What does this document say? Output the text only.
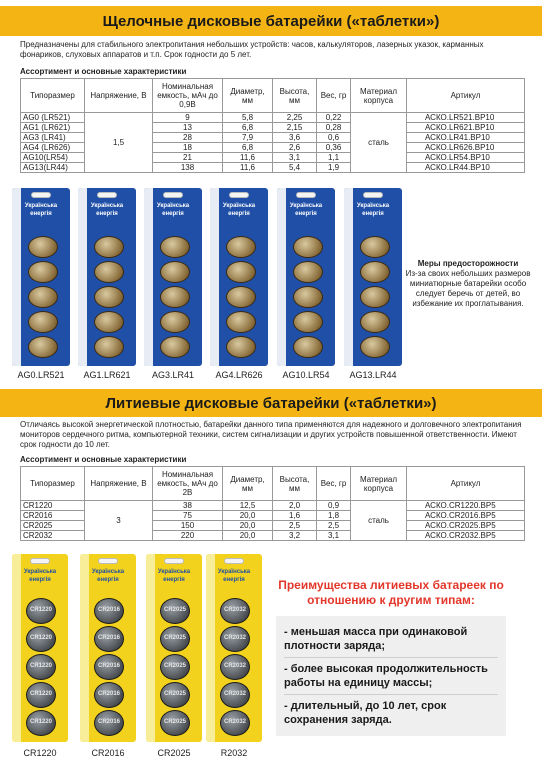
Щелочные дисковые батарейки («таблетки»)
Предназначены для стабильного электропитания небольших устройств: часов, калькуляторов, лазерных указок, карманных фонариков, слуховых аппаратов и т.п. Срок годности до 5 лет.
Ассортимент и основные характеристики
Типоразмер	Напряжение, В	Номинальная емкость, мАч до 0,9В	Диаметр, мм	Высота, мм	Вес, гр	Материал корпуса	Артикул
AG0 (LR521)	1,5	9	5,8	2,25	0,22	сталь	АСКО.LR521.BP10
AG1 (LR621)		13	6,8	2,15	0,28		АСКО.LR621.BP10
AG3 (LR41)		28	7,9	3,6	0,6		АСКО.LR41.BP10
AG4 (LR626)		18	6,8	2,6	0,36		АСКО.LR626.BP10
AG10(LR54)		21	11,6	3,1	1,1		АСКО.LR54.BP10
AG13(LR44)		138	11,6	5,4	1,9		АСКО.LR44.BP10
Українська енергія
AG0.LR521
Українська енергія
AG1.LR621
Українська енергія
AG3.LR41
Українська енергія
AG4.LR626
Українська енергія
AG10.LR54
Українська енергія
AG13.LR44
Меры предосторожности
Из-за своих небольших размеров миниатюрные батарейки особо следует беречь от детей, во избежание их проглатывания.
Литиевые дисковые батарейки («таблетки»)
Отличаясь высокой энергетической плотностью, батарейки данного типа применяются для надежного и долговечного электропитания мониторов сердечного ритма, компьютерной техники, систем сигнализации и других устройств повышенной ответственности. Имеют срок годности до 10 лет.
Ассортимент и основные характеристики
Типоразмер	Напряжение, В	Номинальная емкость, мАч до 2В	Диаметр, мм	Высота, мм	Вес, гр	Материал корпуса	Артикул
CR1220	3	38	12,5	2,0	0,9	сталь	АСКО.CR1220.BP5
CR2016		75	20,0	1,6	1,8		АСКО.CR2016.BP5
CR2025		150	20,0	2,5	2,5		АСКО.CR2025.BP5
CR2032		220	20,0	3,2	3,1		АСКО.CR2032.BP5
Українська енергія
CR1220
CR1220
CR1220
CR1220
CR1220
CR1220
Українська енергія
CR2016
CR2016
CR2016
CR2016
CR2016
CR2016
Українська енергія
CR2025
CR2025
CR2025
CR2025
CR2025
CR2025
Українська енергія
CR2032
CR2032
CR2032
CR2032
CR2032
R2032
Преимущества литиевых батареек по отношению к другим типам:
- меньшая масса при одинаковой плотности заряда;
- более высокая продолжительность работы на единицу массы;
- длительный, до 10 лет, срок сохранения заряда.
